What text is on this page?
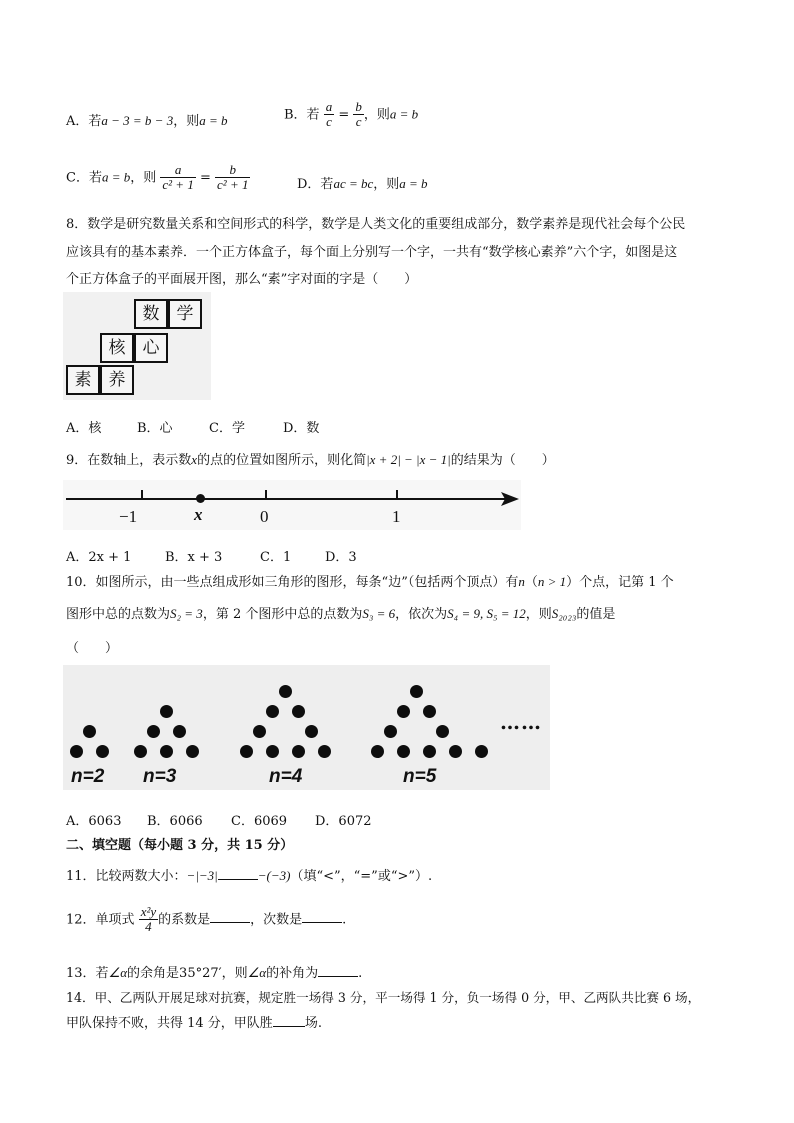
A．若a − 3 = b − 3，则a = b	B．若 $\frac{a}{c} = \frac{b}{c}$ ，则a = b
C．若a = b，则 $\frac{a}{\text{c² + 1}} = \frac{b}{\text{c² + 1}}$	D．若ac = bc，则a = b
8．数学是研究数量关系和空间形式的科学，数学是人类文化的重要组成部分，数学素养是现代社会每个公民
应该具有的基本素养．一个正方体盒子，每个面上分别写一个字，一共有“数学核心素养”六个字，如图是这
个正方体盒子的平面展开图，那么“素”字对面的字是（　　）
数	学
核	心
素	养
A．核	B．心	C．学	D．数
9．在数轴上，表示数x的点的位置如图所示，则化简|x + 2| − |x − 1|的结果为（　　）
−1	x	0	1
A．2x + 1	B．x + 3	C．1	D．3
10．如图所示，由一些点组成形如三角形的图形，每条“边”（包括两个顶点）有n（n > 1）个点，记第 1 个
图形中总的点数为S₂ = 3，第 2 个图形中总的点数为S₃ = 6，依次为S₄ = 9, S₅ = 12，则S₂₀₂₃的值是
（　　）
n=2 n=3	n=4	n=5
……
A．6063 B．6066 C．6069 D．6072
二、填空题（每小题 3 分，共 15 分）
11．比较两数大小：−|−3|	−(−3)（填“<”，“=”或“>”）.
12．单项式 $\frac{\text{x²y}}{4}$ 的系数是	，次数是	.
13．若∠α的余角是35°27′，则∠α的补角为	.
14．甲、乙两队开展足球对抗赛，规定胜一场得 3 分，平一场得 1 分，负一场得 0 分，甲、乙两队共比赛 6 场，
甲队保持不败，共得 14 分，甲队胜 场.
